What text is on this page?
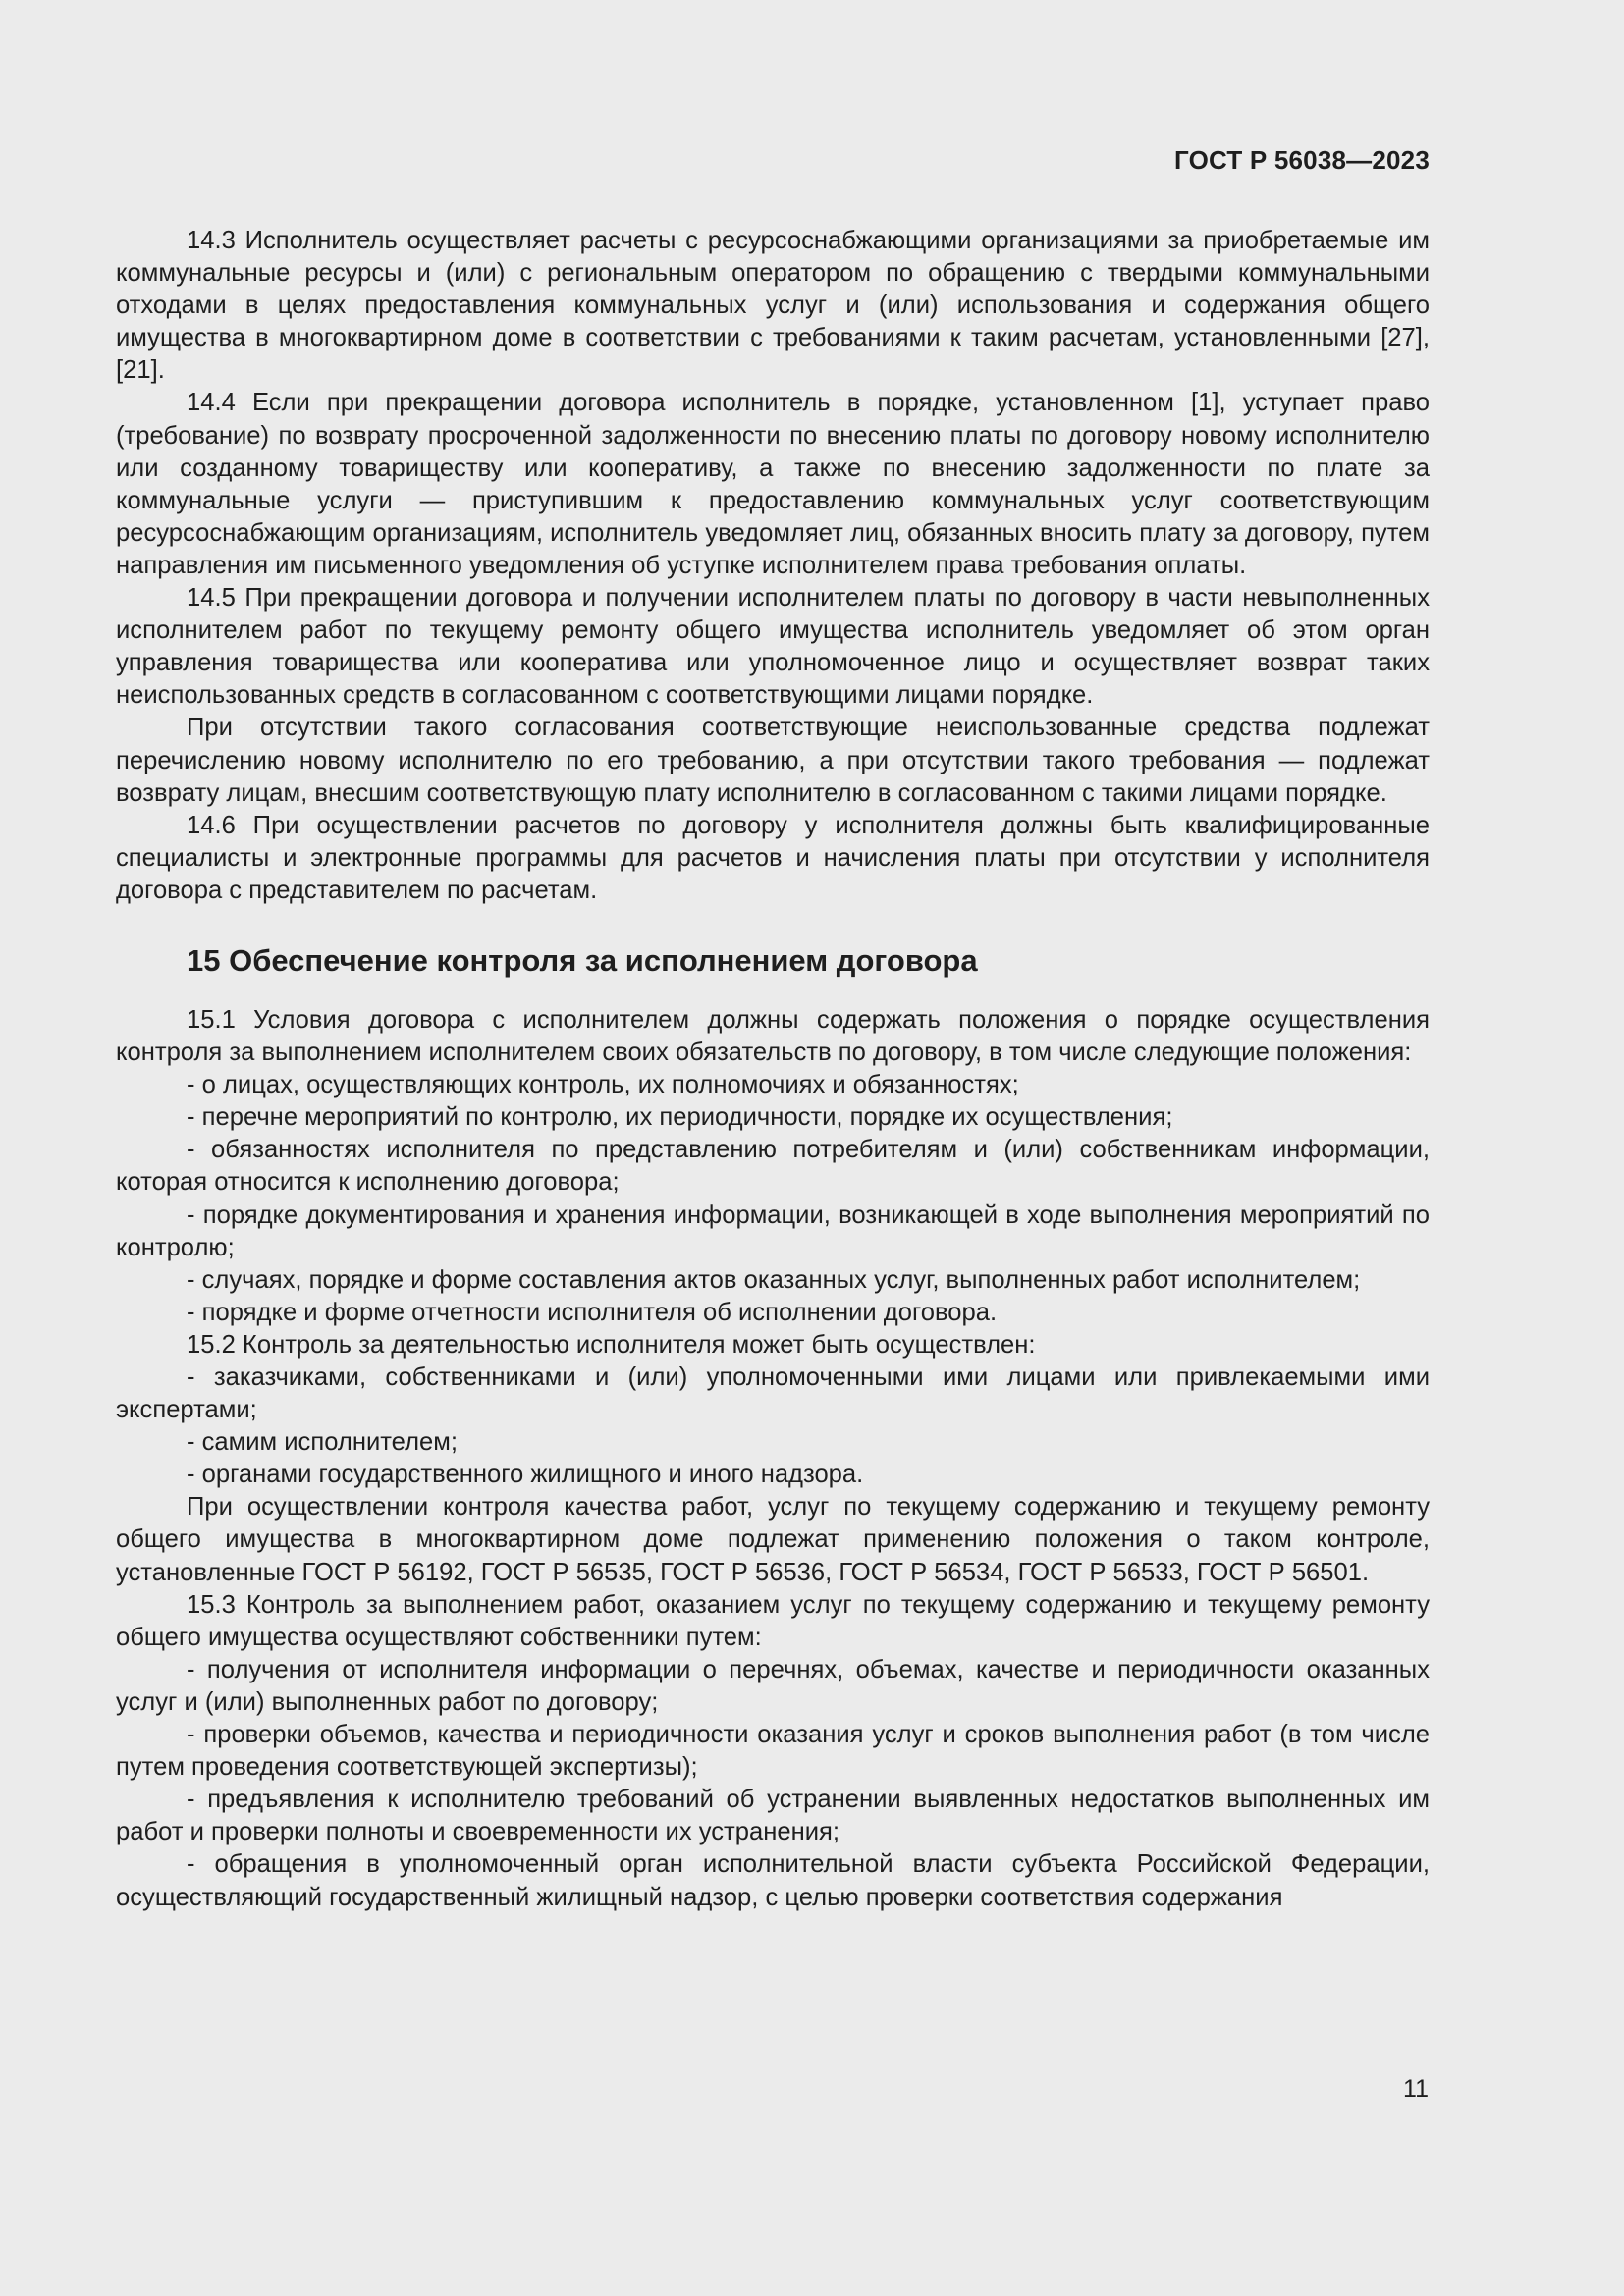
ГОСТ Р 56038—2023

14.3 Исполнитель осуществляет расчеты с ресурсоснабжающими организациями за приобретаемые им коммунальные ресурсы и (или) с региональным оператором по обращению с твердыми коммунальными отходами в целях предоставления коммунальных услуг и (или) использования и содержания общего имущества в многоквартирном доме в соответствии с требованиями к таким расчетам, установленными [27], [21].

14.4 Если при прекращении договора исполнитель в порядке, установленном [1], уступает право (требование) по возврату просроченной задолженности по внесению платы по договору новому исполнителю или созданному товариществу или кооперативу, а также по внесению задолженности по плате за коммунальные услуги — приступившим к предоставлению коммунальных услуг соответствующим ресурсоснабжающим организациям, исполнитель уведомляет лиц, обязанных вносить плату за договору, путем направления им письменного уведомления об уступке исполнителем права требования оплаты.

14.5 При прекращении договора и получении исполнителем платы по договору в части невыполненных исполнителем работ по текущему ремонту общего имущества исполнитель уведомляет об этом орган управления товарищества или кооператива или уполномоченное лицо и осуществляет возврат таких неиспользованных средств в согласованном с соответствующими лицами порядке.

При отсутствии такого согласования соответствующие неиспользованные средства подлежат перечислению новому исполнителю по его требованию, а при отсутствии такого требования — подлежат возврату лицам, внесшим соответствующую плату исполнителю в согласованном с такими лицами порядке.

14.6 При осуществлении расчетов по договору у исполнителя должны быть квалифицированные специалисты и электронные программы для расчетов и начисления платы при отсутствии у исполнителя договора с представителем по расчетам.

15 Обеспечение контроля за исполнением договора

15.1 Условия договора с исполнителем должны содержать положения о порядке осуществления контроля за выполнением исполнителем своих обязательств по договору, в том числе следующие положения:

- о лицах, осуществляющих контроль, их полномочиях и обязанностях;

- перечне мероприятий по контролю, их периодичности, порядке их осуществления;

- обязанностях исполнителя по представлению потребителям и (или) собственникам информации, которая относится к исполнению договора;

- порядке документирования и хранения информации, возникающей в ходе выполнения мероприятий по контролю;

- случаях, порядке и форме составления актов оказанных услуг, выполненных работ исполнителем;

- порядке и форме отчетности исполнителя об исполнении договора.

15.2 Контроль за деятельностью исполнителя может быть осуществлен:

- заказчиками, собственниками и (или) уполномоченными ими лицами или привлекаемыми ими экспертами;

- самим исполнителем;

- органами государственного жилищного и иного надзора.

При осуществлении контроля качества работ, услуг по текущему содержанию и текущему ремонту общего имущества в многоквартирном доме подлежат применению положения о таком контроле, установленные ГОСТ Р 56192, ГОСТ Р 56535, ГОСТ Р 56536, ГОСТ Р 56534, ГОСТ Р 56533, ГОСТ Р 56501.

15.3 Контроль за выполнением работ, оказанием услуг по текущему содержанию и текущему ремонту общего имущества осуществляют собственники путем:

- получения от исполнителя информации о перечнях, объемах, качестве и периодичности оказанных услуг и (или) выполненных работ по договору;

- проверки объемов, качества и периодичности оказания услуг и сроков выполнения работ (в том числе путем проведения соответствующей экспертизы);

- предъявления к исполнителю требований об устранении выявленных недостатков выполненных им работ и проверки полноты и своевременности их устранения;

- обращения в уполномоченный орган исполнительной власти субъекта Российской Федерации, осуществляющий государственный жилищный надзор, с целью проверки соответствия содержания

11
